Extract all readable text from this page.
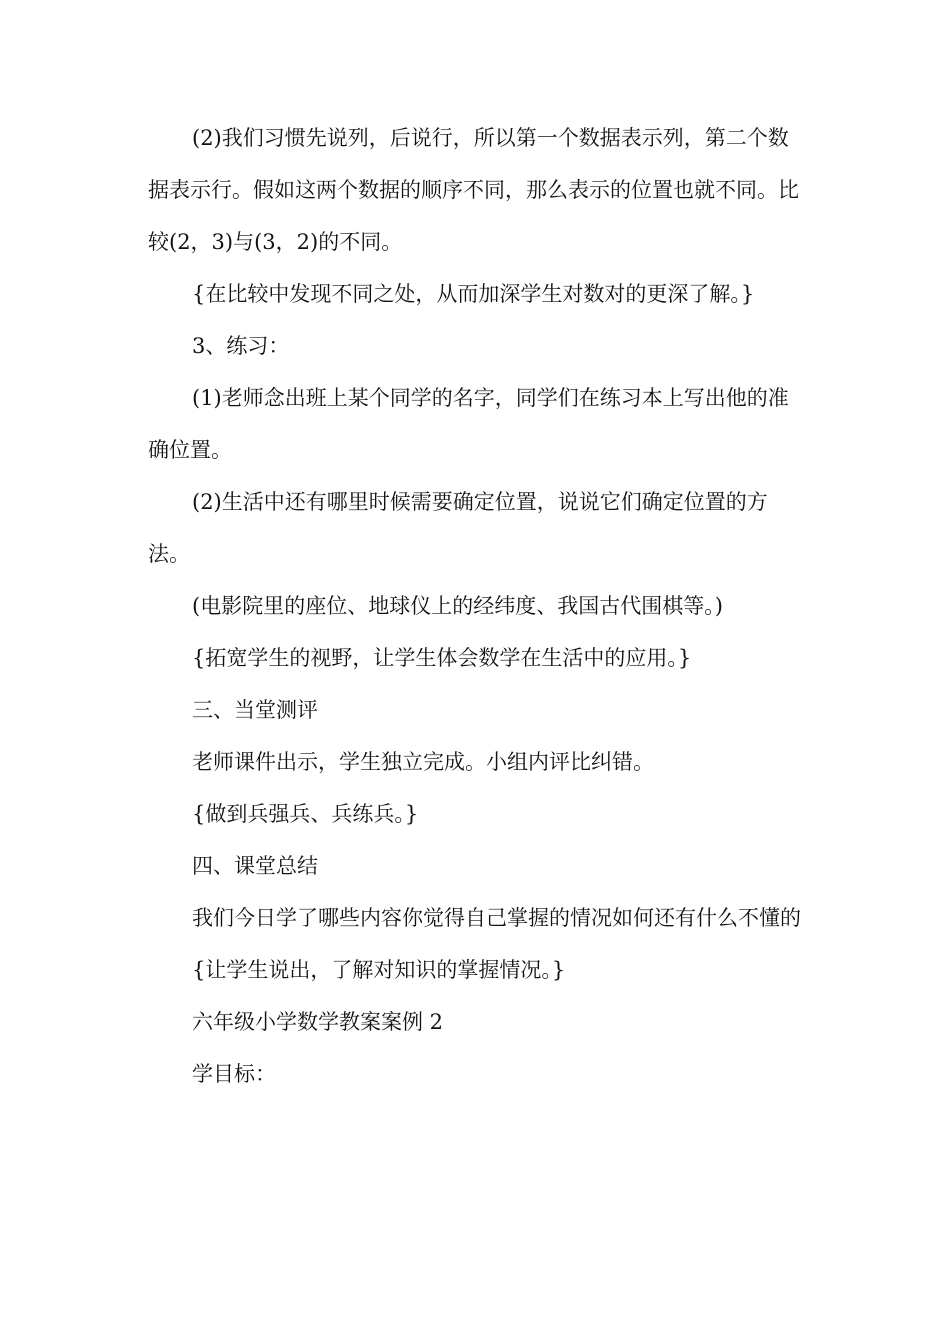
(2)我们习惯先说列，后说行，所以第一个数据表示列，第二个数据表示行。假如这两个数据的顺序不同，那么表示的位置也就不同。比较(2，3)与(3，2)的不同。

{在比较中发现不同之处，从而加深学生对数对的更深了解。}

3、练习：

(1)老师念出班上某个同学的名字，同学们在练习本上写出他的准确位置。

(2)生活中还有哪里时候需要确定位置，说说它们确定位置的方法。

(电影院里的座位、地球仪上的经纬度、我国古代围棋等。)

{拓宽学生的视野，让学生体会数学在生活中的应用。}

三、当堂测评

老师课件出示，学生独立完成。小组内评比纠错。

{做到兵强兵、兵练兵。}

四、课堂总结

我们今日学了哪些内容你觉得自己掌握的情况如何还有什么不懂的

{让学生说出，了解对知识的掌握情况。}

六年级小学数学教案案例 2

学目标：
